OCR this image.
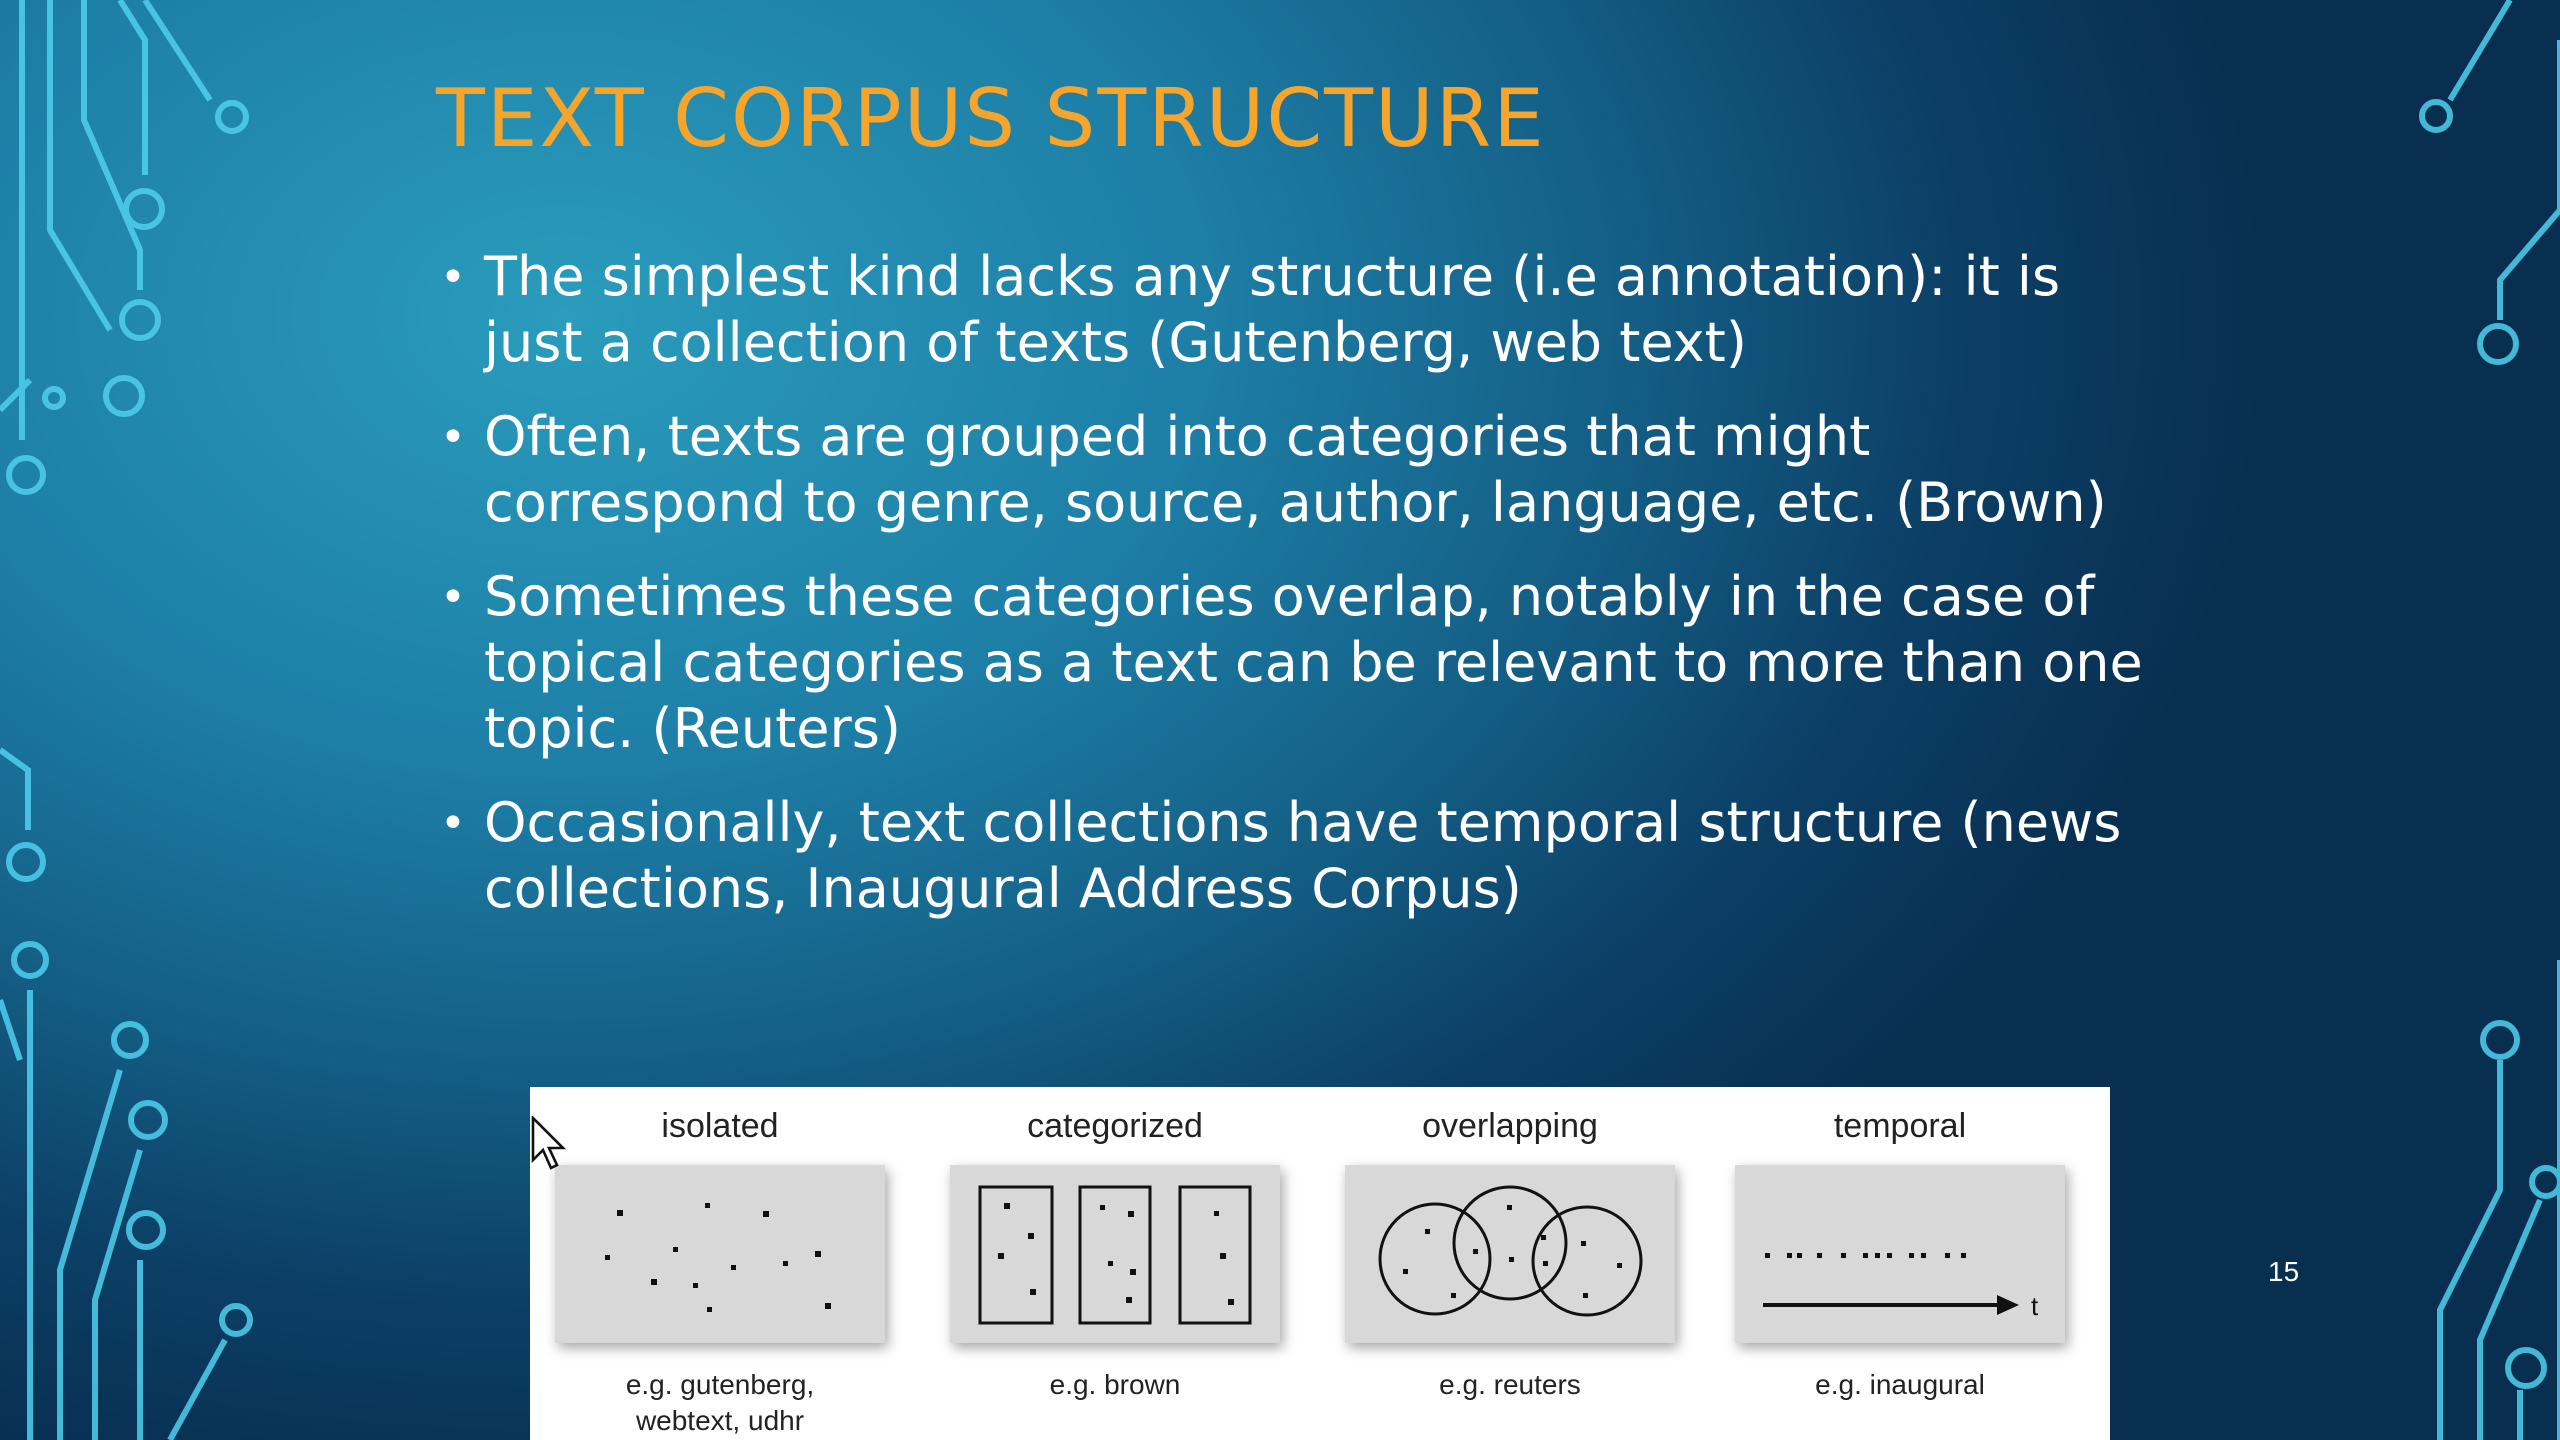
TEXT CORPUS STRUCTURE
• The simplest kind lacks any structure (i.e annotation): it is just a collection of texts (Gutenberg, web text)
• Often, texts are grouped into categories that might correspond to genre, source, author, language, etc. (Brown)
• Sometimes these categories overlap, notably in the case of topical categories as a text can be relevant to more than one topic. (Reuters)
• Occasionally, text collections have temporal structure (news collections, Inaugural Address Corpus)
15
isolated
e.g. gutenberg,
webtext, udhr
categorized
e.g. brown
overlapping
e.g. reuters
temporal
t
e.g. inaugural
